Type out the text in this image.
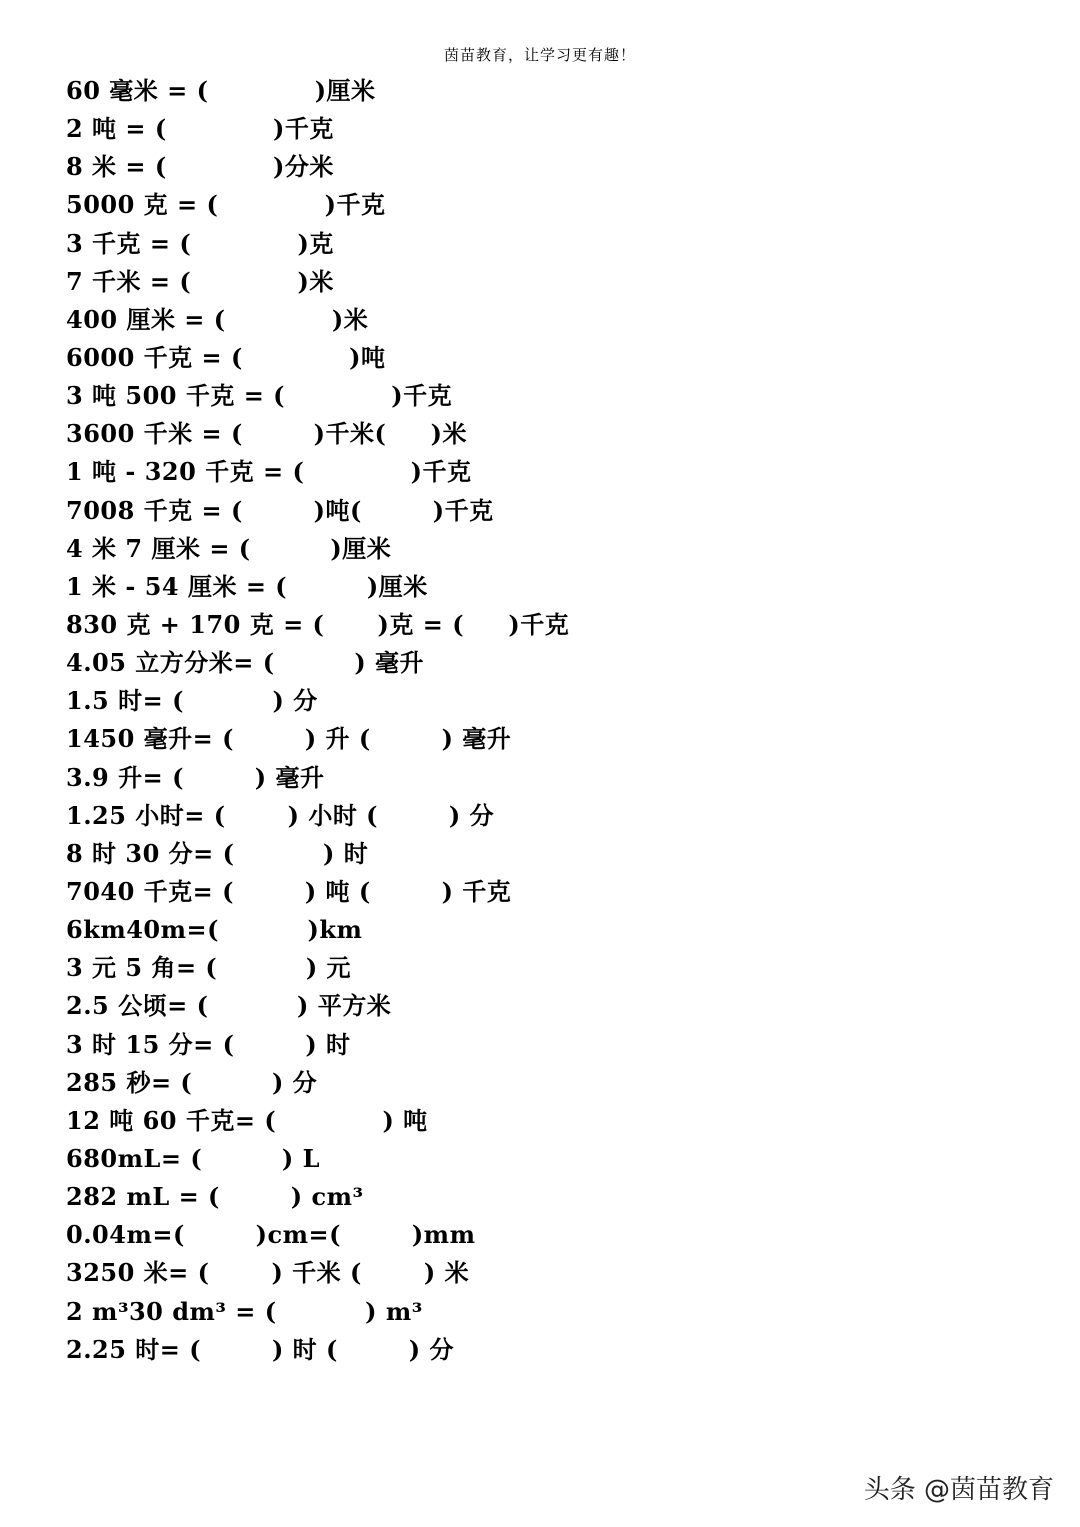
茵苗教育，让学习更有趣！
60 毫米 = (            )厘米
2 吨 = (            )千克
8 米 = (            )分米
5000 克 = (            )千克
3 千克 = (            )克
7 千米 = (            )米
400 厘米 = (            )米
6000 千克 = (            )吨
3 吨 500 千克 = (            )千克
3600 千米 = (        )千米(     )米
1 吨 - 320 千克 = (            )千克
7008 千克 = (        )吨(        )千克
4 米 7 厘米 = (         )厘米
1 米 - 54 厘米 = (         )厘米
830 克 + 170 克 = (      )克 = (     )千克
4.05 立方分米= (         ) 毫升
1.5 时= (          ) 分
1450 毫升= (        ) 升 (        ) 毫升
3.9 升= (        ) 毫升
1.25 小时= (       ) 小时 (        ) 分
8 时 30 分= (          ) 时
7040 千克= (        ) 吨 (        ) 千克
6km40m=(          )km
3 元 5 角= (          ) 元
2.5 公顷= (          ) 平方米
3 时 15 分= (        ) 时
285 秒= (         ) 分
12 吨 60 千克= (            ) 吨
680mL= (         ) L
282 mL = (        ) cm³
0.04m=(        )cm=(        )mm
3250 米= (       ) 千米 (       ) 米
2 m³30 dm³ = (          ) m³
2.25 时= (        ) 时 (        ) 分
头条 @茵苗教育
